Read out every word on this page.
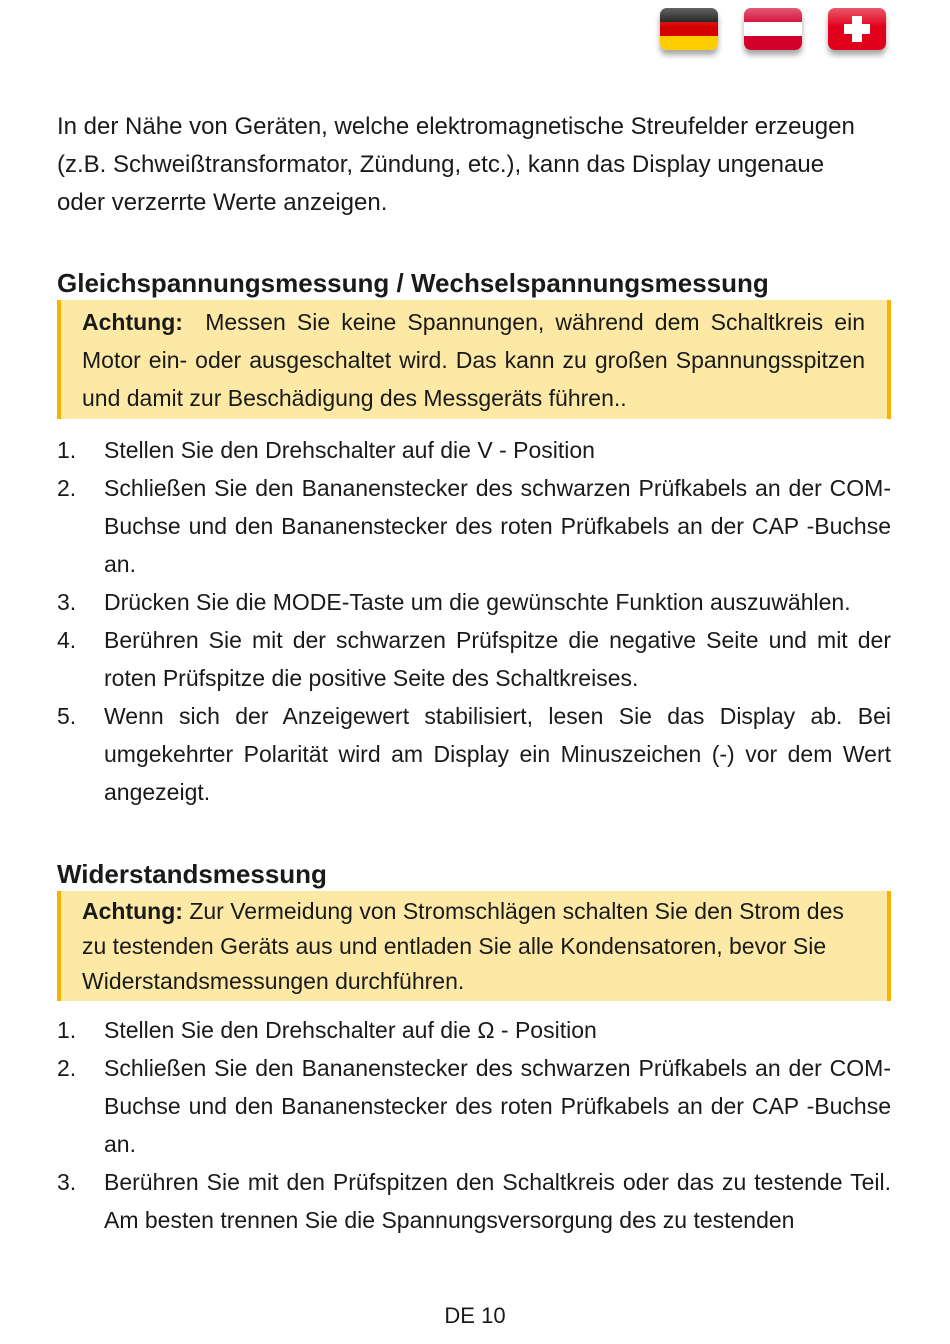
In der Nähe von Geräten, welche elektromagnetische Streufelder erzeugen (z.B. Schweißtransformator, Zündung, etc.), kann das Display ungenaue oder verzerrte Werte anzeigen.

Gleichspannungsmessung / Wechselspannungsmessung
Achtung: Messen Sie keine Spannungen, während dem Schaltkreis ein Motor ein- oder ausgeschaltet wird. Das kann zu großen Spannungsspitzen und damit zur Beschädigung des Messgeräts führen..
1. Stellen Sie den Drehschalter auf die V - Position
2. Schließen Sie den Bananenstecker des schwarzen Prüfkabels an der COM-Buchse und den Bananenstecker des roten Prüfkabels an der CAP -Buchse an.
3. Drücken Sie die MODE-Taste um die gewünschte Funktion auszuwählen.
4. Berühren Sie mit der schwarzen Prüfspitze die negative Seite und mit der roten Prüfspitze die positive Seite des Schaltkreises.
5. Wenn sich der Anzeigewert stabilisiert, lesen Sie das Display ab. Bei umgekehrter Polarität wird am Display ein Minuszeichen (-) vor dem Wert angezeigt.
Widerstandsmessung
Achtung: Zur Vermeidung von Stromschlägen schalten Sie den Strom des zu testenden Geräts aus und entladen Sie alle Kondensatoren, bevor Sie Widerstandsmessungen durchführen.
1. Stellen Sie den Drehschalter auf die Ω - Position
2. Schließen Sie den Bananenstecker des schwarzen Prüfkabels an der COM-Buchse und den Bananenstecker des roten Prüfkabels an der CAP -Buchse an.
3. Berühren Sie mit den Prüfspitzen den Schaltkreis oder das zu testende Teil. Am besten trennen Sie die Spannungsversorgung des zu testenden
DE 10
